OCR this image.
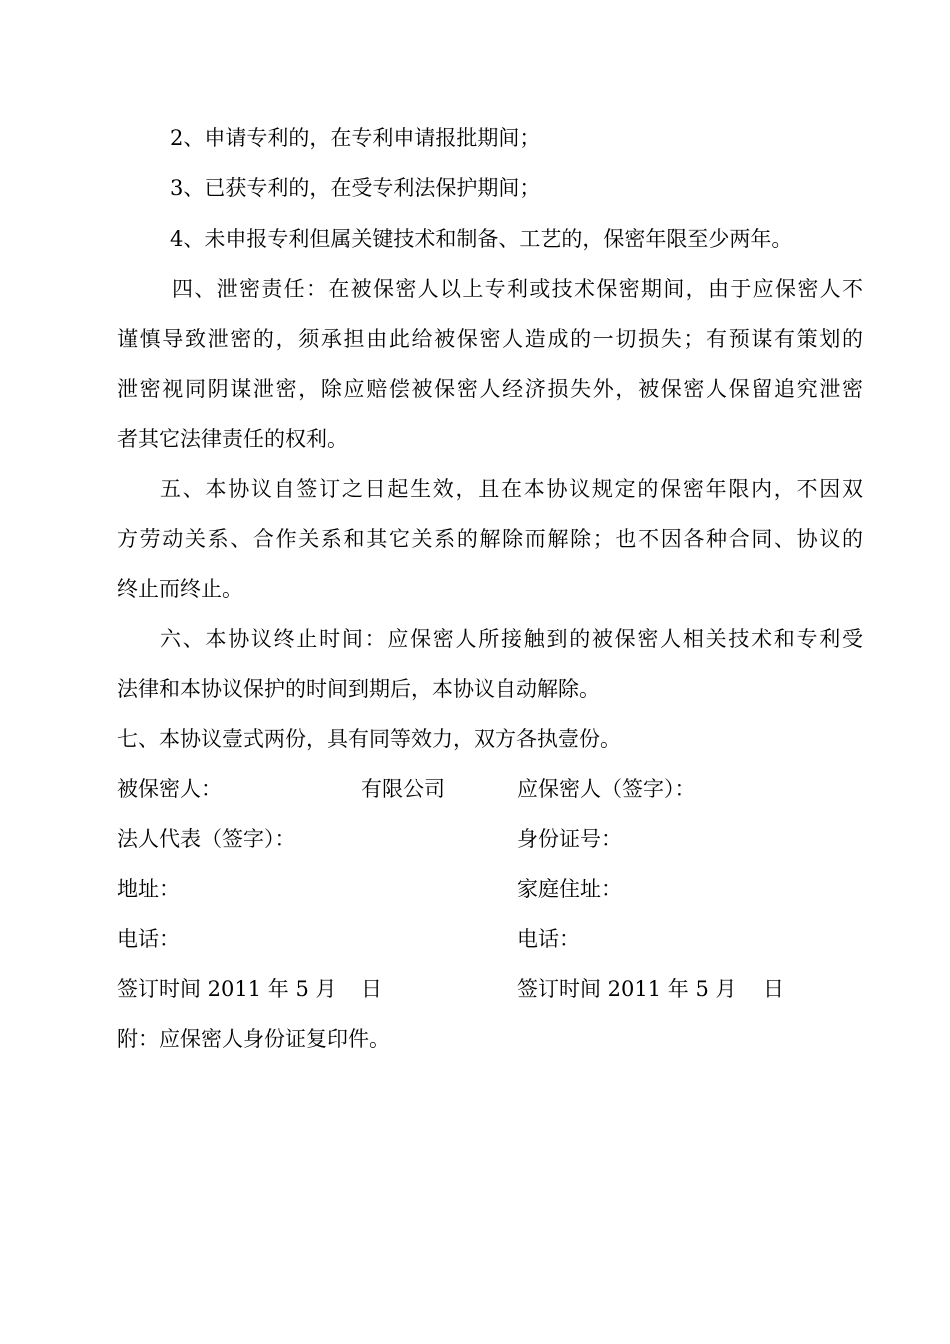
2、申请专利的，在专利申请报批期间；
3、已获专利的，在受专利法保护期间；
4、未申报专利但属关键技术和制备、工艺的，保密年限至少两年。
四、泄密责任：在被保密人以上专利或技术保密期间，由于应保密人不
谨慎导致泄密的，须承担由此给被保密人造成的一切损失；有预谋有策划的
泄密视同阴谋泄密，除应赔偿被保密人经济损失外，被保密人保留追究泄密
者其它法律责任的权利。
五、本协议自签订之日起生效，且在本协议规定的保密年限内，不因双
方劳动关系、合作关系和其它关系的解除而解除；也不因各种合同、协议的
终止而终止。
六、本协议终止时间：应保密人所接触到的被保密人相关技术和专利受
法律和本协议保护的时间到期后，本协议自动解除。
七、本协议壹式两份，具有同等效力，双方各执壹份。
被保密人：	有限公司	应保密人（签字）：
法人代表（签字）：	身份证号：
地址：	家庭住址：
电话：	电话：
签订时间 2011 年 5 月 日	签订时间 2011 年 5 月 日
附：应保密人身份证复印件。
